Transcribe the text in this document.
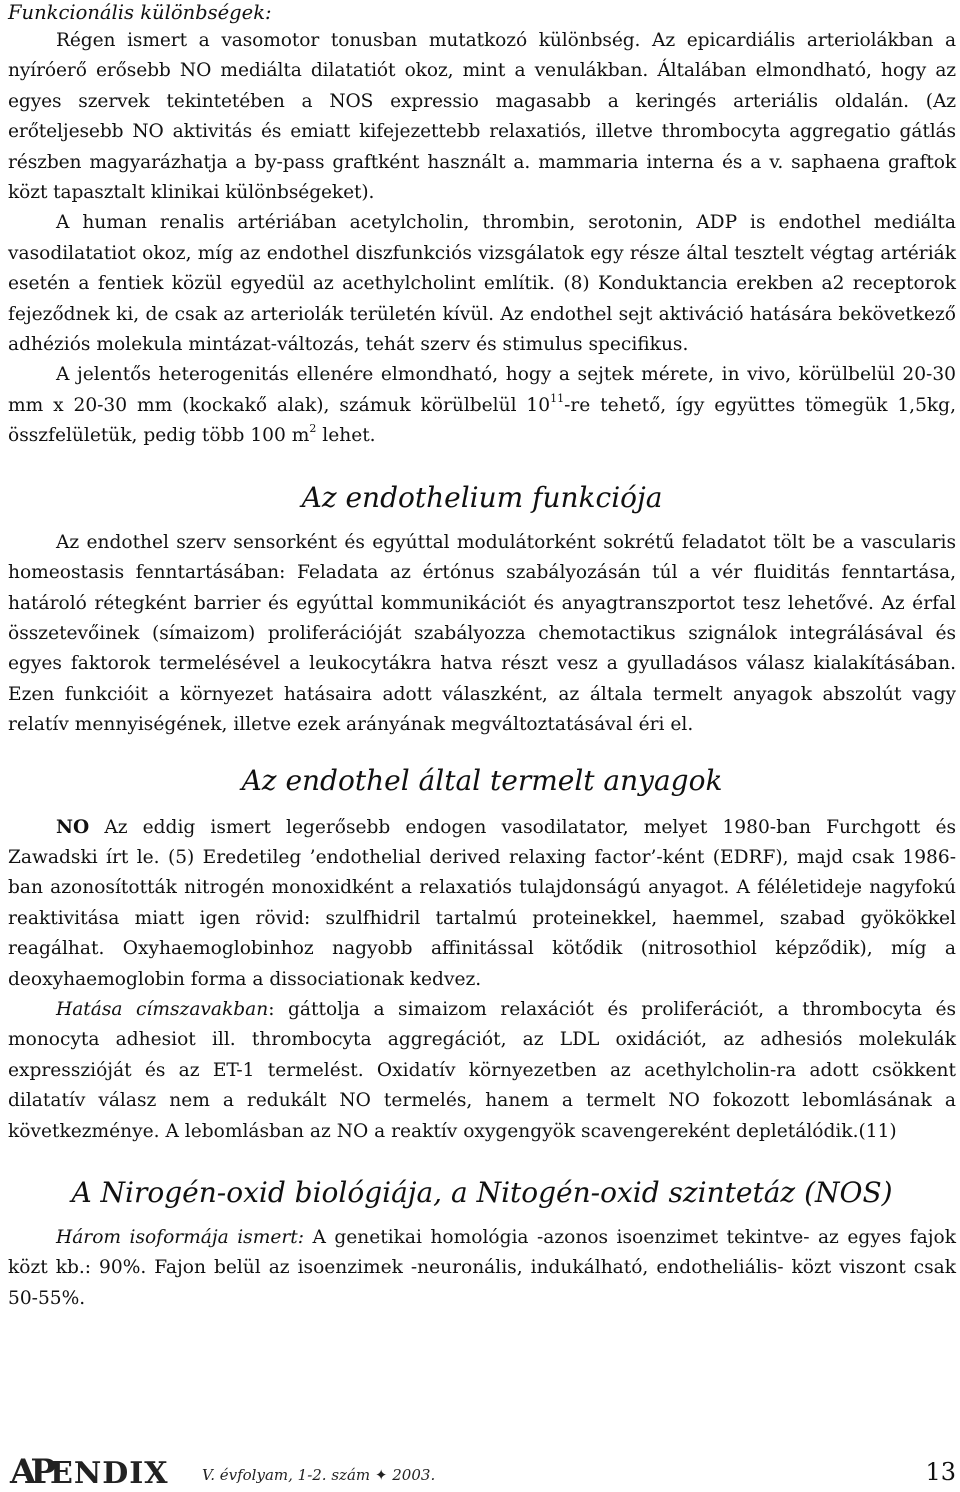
Funkcionális különbségek:

Régen ismert a vasomotor tonusban mutatkozó különbség. Az epicardiális arteriolákban a nyíróerő erősebb NO mediálta dilatatiót okoz, mint a venulákban. Általában elmondható, hogy az egyes szervek tekintetében a NOS expressio magasabb a keringés arteriális oldalán. (Az erőteljesebb NO aktivitás és emiatt kifejezettebb relaxatiós, illetve thrombocyta aggregatio gátlás részben magyarázhatja a by-pass graftként használt a. mammaria interna és a v. saphaena graftok közt tapasztalt klinikai különbségeket).

A human renalis artériában acetylcholin, thrombin, serotonin, ADP is endothel mediálta vasodilatatiot okoz, míg az endothel diszfunkciós vizsgálatok egy része által tesztelt végtag artériák esetén a fentiek közül egyedül az acethylcholint említik. (8) Konduktancia erekben a2 receptorok fejeződnek ki, de csak az arteriolák területén kívül. Az endothel sejt aktiváció hatására bekövetkező adhéziós molekula mintázat-változás, tehát szerv és stimulus specifikus.

A jelentős heterogenitás ellenére elmondható, hogy a sejtek mérete, in vivo, körülbelül 20-30 mm x 20-30 mm (kockakő alak), számuk körülbelül $10^{11}-re$ tehető, így együttes tömegük 1,5kg, összfelületük, pedig több 100 $m^2$ lehet.

Az endothelium funkciója

Az endothel szerv sensorként és egyúttal modulátorként sokrétű feladatot tölt be a vascularis homeostasis fenntartásában: Feladata az értónus szabályozásán túl a vér fluiditás fenntartása, határoló rétegként barrier és egyúttal kommunikációt és anyagtranszportot tesz lehetővé. Az érfal összetevőinek (símaizom) proliferációját szabályozza chemotactikus szignálok integrálásával és egyes faktorok termelésével a leukocytákra hatva részt vesz a gyulladásos válasz kialakításában. Ezen funkcióit a környezet hatásaira adott válaszként, az általa termelt anyagok abszolút vagy relatív mennyiségének, illetve ezek arányának megváltoztatásával éri el.

Az endothel által termelt anyagok

NO Az eddig ismert legerősebb endogen vasodilatator, melyet 1980-ban Furchgott és Zawadski írt le. (5) Eredetileg ’endothelial derived relaxing factor’-ként (EDRF), majd csak 1986-ban azonosították nitrogén monoxidként a relaxatiós tulajdonságú anyagot. A féléletideje nagyfokú reaktivitása miatt igen rövid: szulfhidril tartalmú proteinekkel, haemmel, szabad gyökökkel reagálhat. Oxyhaemoglobinhoz nagyobb affinitással kötődik (nitrosothiol képződik), míg a deoxyhaemoglobin forma a dissociationak kedvez.

Hatása címszavakban: gáttolja a simaizom relaxációt és proliferációt, a thrombocyta és monocyta adhesiot ill. thrombocyta aggregációt, az LDL oxidációt, az adhesiós molekulák expresszióját és az ET-1 termelést. Oxidatív környezetben az acethylcholin-ra adott csökkent dilatatív válasz nem a redukált NO termelés, hanem a termelt NO fokozott lebomlásának a következménye. A lebomlásban az NO a reaktív oxygengyök scavengereként depletálódik.(11)

A Nirogén-oxid biológiája, a Nitogén-oxid szintetáz (NOS)

Három isoformája ismert: A genetikai homológia -azonos isoenzimet tekintve- az egyes fajok közt kb.: 90%. Fajon belül az isoenzimek -neuronális, indukálható, endotheliális- közt viszont csak 50-55%.

APENDIX V. évfolyam, 1-2. szám ✦ 2003.	13
